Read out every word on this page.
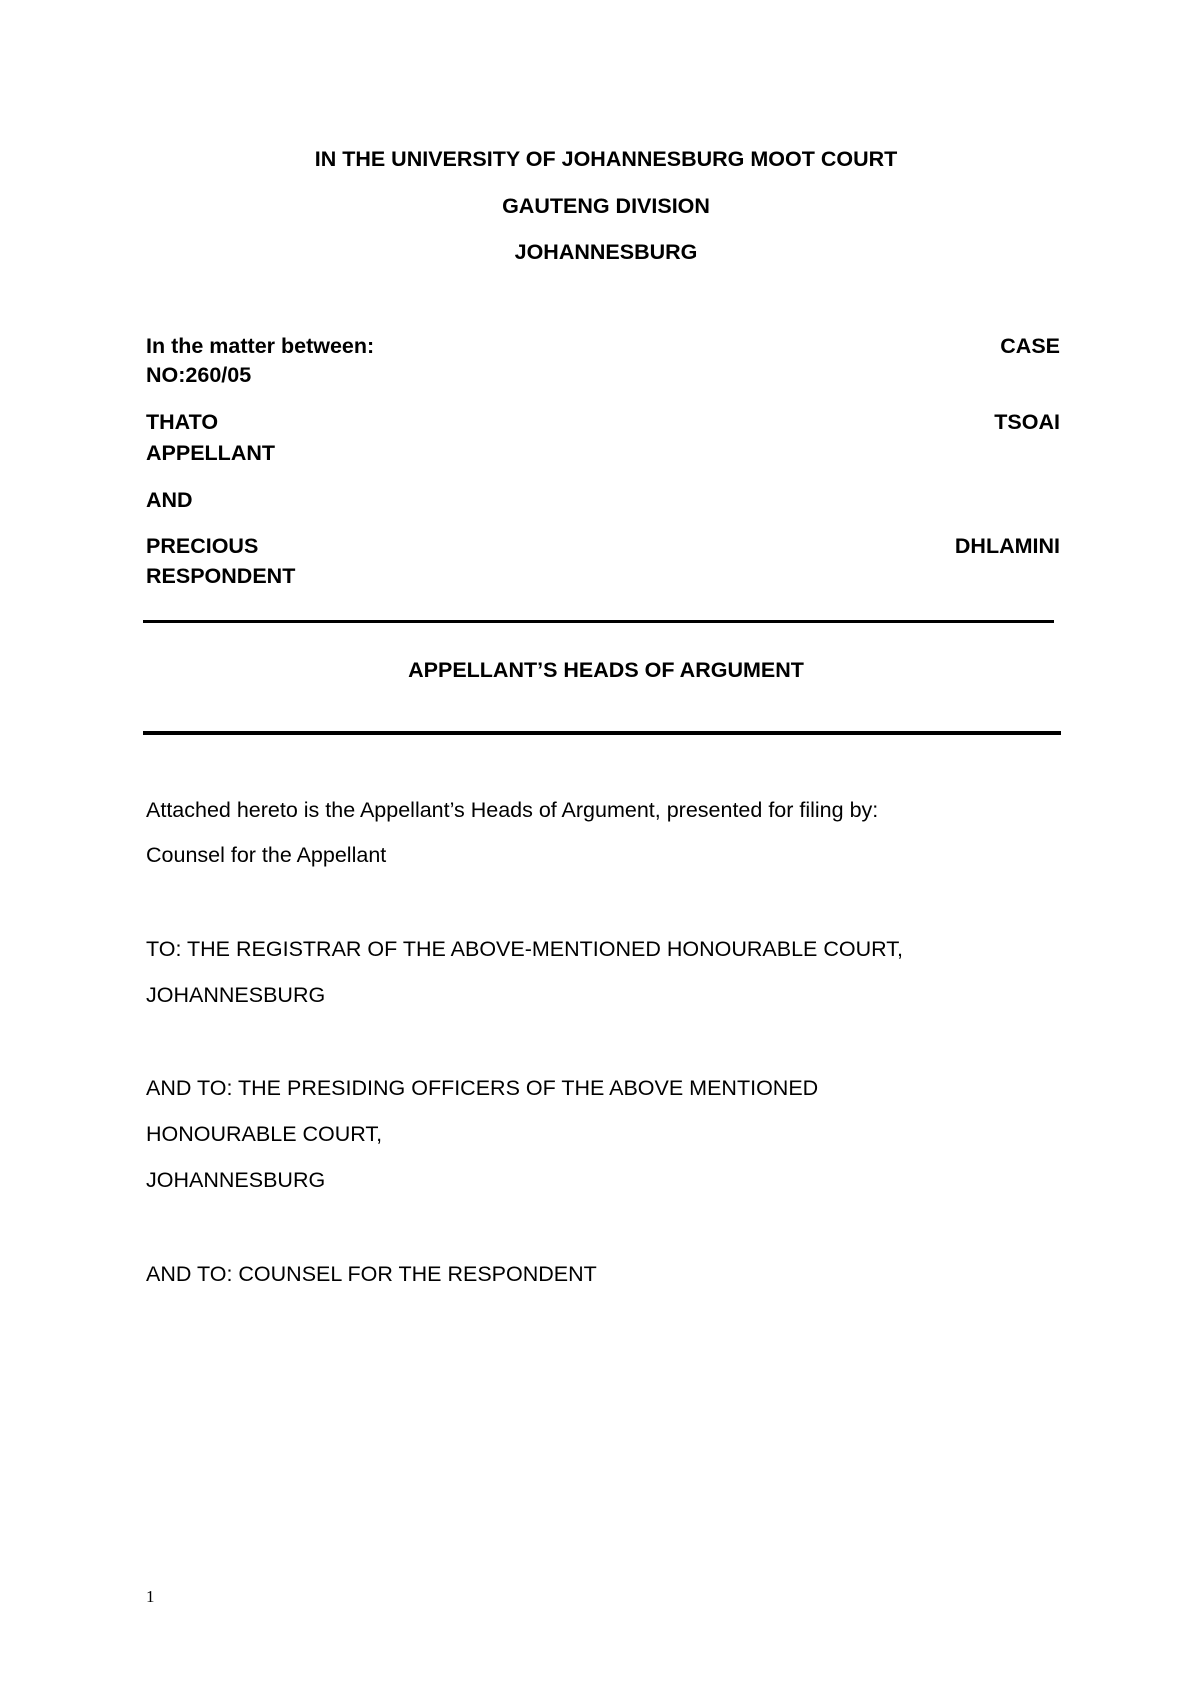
IN THE UNIVERSITY OF JOHANNESBURG MOOT COURT
GAUTENG DIVISION
JOHANNESBURG
In the matter between:	CASE
NO:260/05
THATO	TSOAI
APPELLANT
AND
PRECIOUS	DHLAMINI
RESPONDENT
APPELLANT’S HEADS OF ARGUMENT
Attached hereto is the Appellant’s Heads of Argument, presented for filing by:
Counsel for the Appellant
TO: THE REGISTRAR OF THE ABOVE-MENTIONED HONOURABLE COURT,
JOHANNESBURG
AND TO: THE PRESIDING OFFICERS OF THE ABOVE MENTIONED
HONOURABLE COURT,
JOHANNESBURG
AND TO: COUNSEL FOR THE RESPONDENT
1
